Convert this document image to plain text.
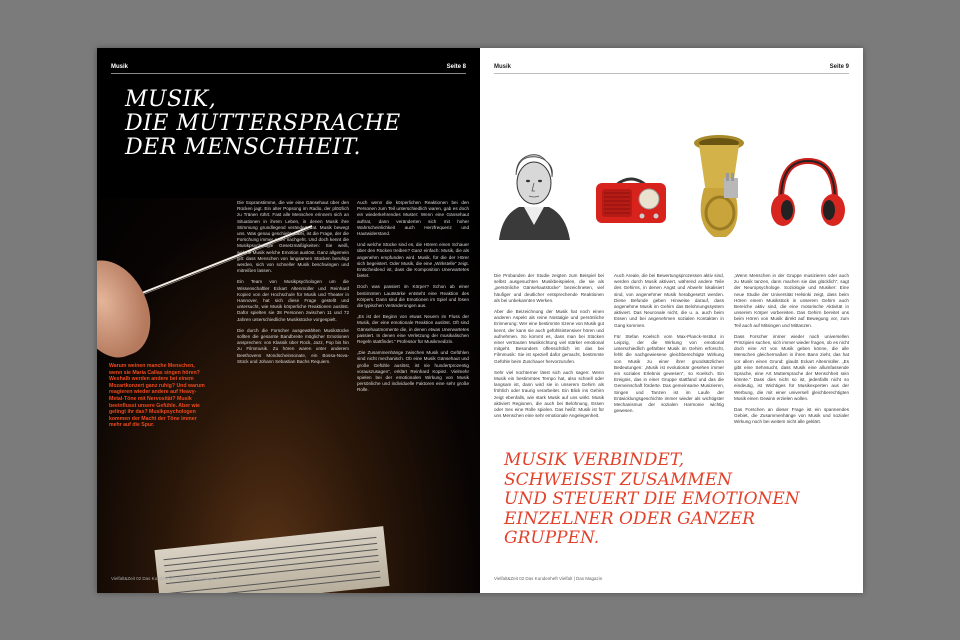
Musik	Seite 8
MUSIK,
DIE MUTTERSPRACHE
DER MENSCHHEIT.
Warum weinen manche Menschen, wenn sie Maria Callas singen hören? Weshalb werden andere bei einem Mozartkonzert ganz ruhig? Und warum reagieren wieder andere auf Heavy-Metal-Töne mit Nervosität? Musik beeinflusst unsere Gefühle. Aber wie gelingt ihr das? Musikpsychologen kommen der Macht der Töne immer mehr auf die Spur.

Die Sopranstimme, die wie eine Gänsehaut über den Rücken jagt. Ein alter Popsong im Radio, der plötzlich zu Tränen rührt. Fast alle Menschen erinnern sich an Situationen in ihrem Leben, in denen Musik ihre Stimmung grundlegend verändert hat. Musik bewegt uns. Was genau geschieht dabei, ist die Frage, der die Forschung immer mehr nachgeht. Und doch kennt die Musikpsychologie Gesetzmäßigkeiten: Sie weiß, welche Musik welche Emotion auslöst. Ganz allgemein gilt: dass Menschen von langsamen Stücken beruhigt werden, sich von schneller Musik beschwingen und mitreißen lassen.

Ein Team von Musikpsychologen um die Wissenschaftler Eckart Altenmüller und Reinhard Kopiez von der Hochschule für Musik und Theater in Hannover, hat sich diese Frage gestellt und untersucht, wie Musik körperliche Reaktionen auslöst. Dafür spielten sie 38 Personen zwischen 11 und 72 Jahren unterschiedliche Musikstücke vorgespielt.

Die durch die Forscher ausgewählten Musikstücke sollten die gesamte Bandbreite möglicher Emotionen ansprechen: von Klassik über Rock, Jazz, Pop bis hin zu Filmmusik. Zu hören waren unter anderem Beethovens Mondscheinsonate, ein Bossa-Nova-Stück und Johann Sebastian Bachs Requiem.

Auch wenn die körperlichen Reaktionen bei den Personen zum Teil unterschiedlich waren, gab es doch ein wiederkehrendes Muster: Wenn eine Gänsehaut auftrat, dann veränderten sich mit hoher Wahrscheinlichkeit auch Herzfrequenz und Hautwiderstand.

Und welche Stücke sind es, die Hörern einen Schauer über den Rücken treiben? Ganz einfach: Musik, die als angenehm empfunden wird. Musik, für die der Hörer sich begeistert. Oder Musik, die eine „Wirkstelle“ zeigt. Entscheidend ist, dass die Komposition Unerwartetes bietet.

Doch was passiert im Körper? Schon ab einer bestimmten Lautstärke entsteht eine Reaktion des Körpers. Dann sind die Emotionen im Spiel und lösen die typischen Veränderungen aus.

„Es ist der Beginn von etwas Neuem im Fluss der Musik, der eine emotionale Reaktion auslöst. Oft sind Gänsehautmomente die, in denen etwas Unerwartetes passiert. In denen eine Verletzung der musikalischen Regeln stattfindet.“ Professor für Musikmedizin.

„Die Zusammenhänge zwischen Musik und Gefühlen sind nicht mechanisch. Ob eine Musik Gänsehaut und große Gefühle auslöst, ist nie hundertprozentig vorauszusagen“, erklärt Reinhard Kopiez. Vielmehr spielen bei der emotionalen Wirkung von Musik persönliche und individuelle Faktoren eine sehr große Rolle.

Vielfalt&Zeit 02 Das Kundenheft Vielfalt | Das Magazin
Musik	Seite 9

Die Probanden der Studie zeigten zum Beispiel bei selbst ausgesuchten Musikbeispielen, die sie als „persönliche Gänsehautstücke“ bezeichneten, viel häufiger und deutlicher entsprechende Reaktionen als bei unbekannten Werken.

Aber die Beizeichnung der Musik hat noch einen anderen Aspekt als reine Nostalgie und persönliche Erinnerung: Wer eine bestimmte Szene von Musik gut kennt, der kann sie auch gefühlsintensiver hören und aufnehmen. So kommt es, dass man bei Stücken einer vertrauten Musikrichtung viel stärker emotional mitgeht. Besonders offensichtlich ist das bei Filmmusik: Sie ist speziell dafür gemacht, bestimmte Gefühle beim Zuschauer hervorzurufen.

Sehr viel nüchterner lässt sich auch sagen: Wenn Musik ein bestimmtes Tempo hat, also schnell oder langsam ist, dann wird sie in unserem Gehirn als fröhlich oder traurig verarbeitet. Ein Blick ins Gehirn zeigt ebenfalls, wie stark Musik auf uns wirkt. Musik aktiviert Regionen, die auch bei Belohnung, Essen oder Sex eine Rolle spielen. Das heißt: Musik ist für uns Menschen eine sehr emotionale Angelegenheit.

Auch Areale, die bei Bewertungsprozessen aktiv sind, werden durch Musik aktiviert, während andere Teile des Gehirns, in denen Angst und Abwehr lokalisiert sind, von angenehmer Musik herabgesetzt werden. Diese Befunde geben Hinweise darauf, dass angenehme Musik im Gehirn das Belohnungssystem aktiviert. Das Neuronale nicht, die u. a. auch beim Essen und bei angenehmen sozialen Kontakten in Gang kommen.

Für Stefan Koelsch vom Max-Planck-Institut in Leipzig, der die Wirkung von emotional unterschiedlich gefärbter Musik im Gehirn erforscht, fehlt die nachgewiesene gleichberechtigte Wirkung von Musik zu einer ihrer grundsätzlichen Bedeutungen: „Musik ist evolutionär gesehen immer ein soziales Erlebnis gewesen“, so Koelsch. Ein Ereignis, das in einer Gruppe stattfand und das die Gemeinschaft förderte. Das gemeinsame Musizieren, Singen und Tanzen ist im Laufe der Entwicklungsgeschichte immer wieder als wichtigster Mechanismus der sozialen Harmonie wichtig gewesen.

„Wenn Menschen in der Gruppe musizieren oder auch zu Musik tanzen, dann machen sie das glücklich“, sagt der Neuropsychologe. Soziologie und Musiker: Eine neue Studie der Universität Helsinki zeigt, dass beim Hören einem Musikstück in unserem Gehirn auch Bereiche aktiv sind, die eine motorische Aktivität in unserem Körper vorbereiten. Das Gehirn bereitet uns beim Hören von Musik direkt auf Bewegung vor, zum Teil auch auf Mitsingen und Mittanzen.

Dass Forscher immer wieder nach universellen Prinzipien suchen, sich immer wieder fragen, ob es nicht doch eine Art von Musik geben könne, die alle Menschen gleichermaßen in ihren Bann zieht, das hat vor allem einen Grund: glaubt Eckart Altenmüller. „Es gibt eine Sehnsucht, dass Musik eine allumfassende Sprache, eine Art Muttersprache der Menschheit sein könnte.“ Dass dies nicht so ist, jedenfalls nicht so eindeutig, ist Wichtiges für Musikexperten aus der Werbung, die mit einer universell gleichberechtigten Musik einen Gewinn erzielen wollen.

Das Forschen an dieser Frage ist ein spannendes Gebiet, die Zusammenhänge von Musik und sozialer Wirkung noch bei weitem nicht alle geklärt.

MUSIK VERBINDET,
SCHWEISST ZUSAMMEN
UND STEUERT DIE EMOTIONEN
EINZELNER ODER GANZER
GRUPPEN.
Vielfalt&Zeit 02 Das Kundenheft Vielfalt | Das Magazin
